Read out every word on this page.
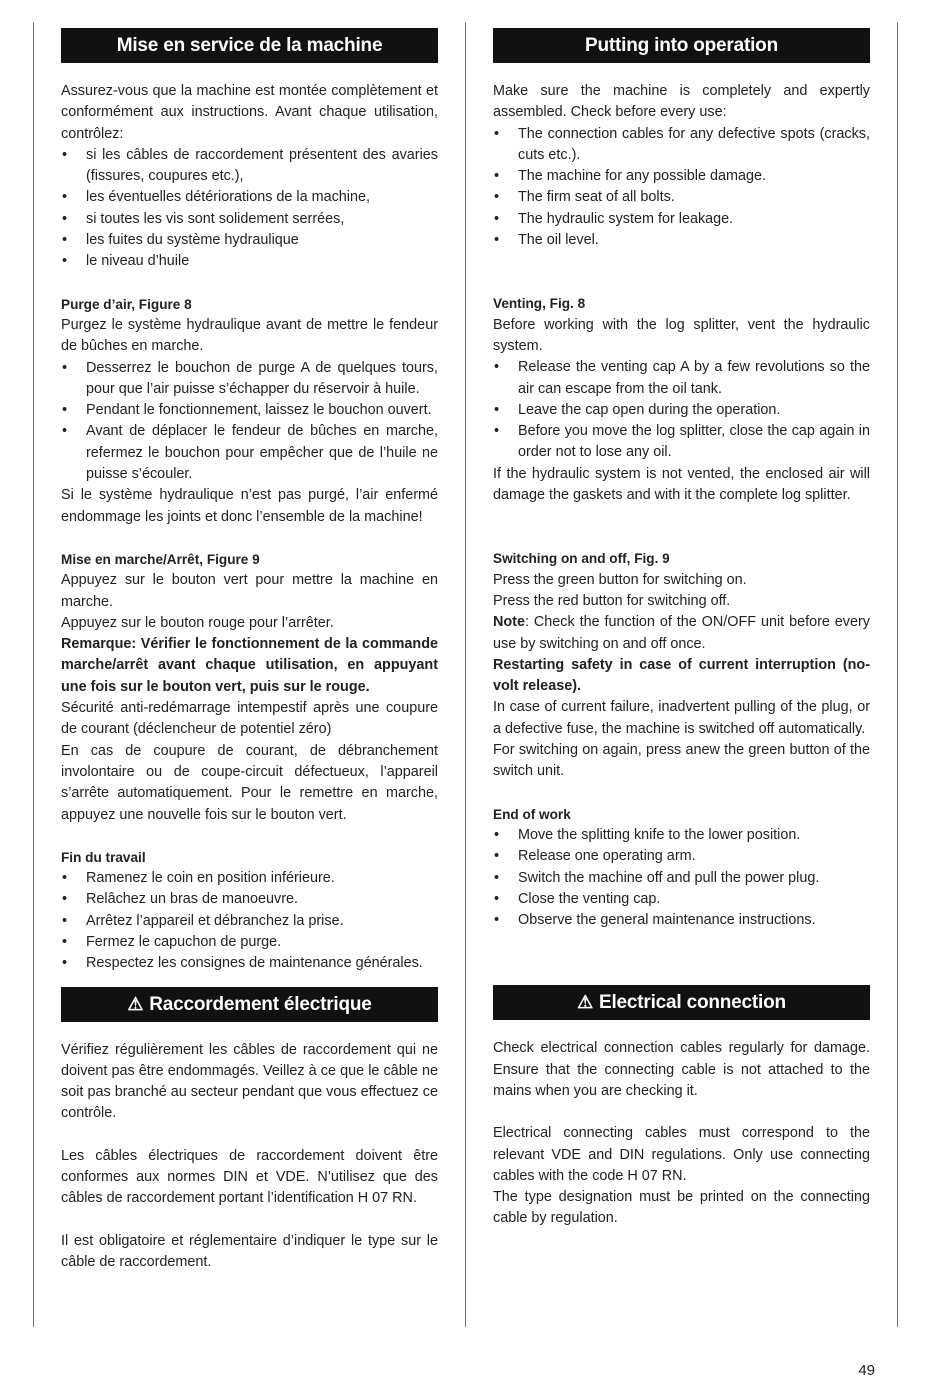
Mise en service de la machine

Assurez-vous que la machine est montée complètement et conformément aux instructions. Avant chaque utilisation, contrôlez:

• si les câbles de raccordement présentent des avaries (fissures, coupures etc.),
• les éventuelles détériorations de la machine,
• si toutes les vis sont solidement serrées,
• les fuites du système hydraulique
• le niveau d’huile

Purge d’air, Figure 8

Purgez le système hydraulique avant de mettre le fendeur de bûches en marche.

• Desserrez le bouchon de purge A de quelques tours, pour que l’air puisse s’échapper du réservoir à huile.
• Pendant le fonctionnement, laissez le bouchon ouvert.
• Avant de déplacer le fendeur de bûches en marche, refermez le bouchon pour empêcher que de l’huile ne puisse s’écouler.

Si le système hydraulique n’est pas purgé, l’air enfermé endommage les joints et donc l’ensemble de la machine!

Mise en marche/Arrêt, Figure 9

Appuyez sur le bouton vert pour mettre la machine en marche.

Appuyez sur le bouton rouge pour l’arrêter.

Remarque: Vérifier le fonctionnement de la commande marche/arrêt avant chaque utilisation, en appuyant une fois sur le bouton vert, puis sur le rouge.

Sécurité anti-redémarrage intempestif après une coupure de courant (déclencheur de potentiel zéro)

En cas de coupure de courant, de débranchement involontaire ou de coupe-circuit défectueux, l’appareil s’arrête automatiquement. Pour le remettre en marche, appuyez une nouvelle fois sur le bouton vert.

Fin du travail

• Ramenez le coin en position inférieure.
• Relâchez un bras de manoeuvre.
• Arrêtez l’appareil et débranchez la prise.
• Fermez le capuchon de purge.
• Respectez les consignes de maintenance générales.
⚠ Raccordement électrique

Vérifiez régulièrement les câbles de raccordement qui ne doivent pas être endommagés. Veillez à ce que le câble ne soit pas branché au secteur pendant que vous effectuez ce contrôle.

Les câbles électriques de raccordement doivent être conformes aux normes DIN et VDE. N’utilisez que des câbles de raccordement portant l’identification H 07 RN.

Il est obligatoire et réglementaire d’indiquer le type sur le câble de raccordement.

Putting into operation

Make sure the machine is completely and expertly assembled. Check before every use:

• The connection cables for any defective spots (cracks, cuts etc.).
• The machine for any possible damage.
• The firm seat of all bolts.
• The hydraulic system for leakage.
• The oil level.

Venting, Fig. 8

Before working with the log splitter, vent the hydraulic system.

• Release the venting cap A by a few revolutions so the air can escape from the oil tank.
• Leave the cap open during the operation.
• Before you move the log splitter, close the cap again in order not to lose any oil.

If the hydraulic system is not vented, the enclosed air will damage the gaskets and with it the complete log splitter.

Switching on and off, Fig. 9

Press the green button for switching on.

Press the red button for switching off.

Note: Check the function of the ON/OFF unit before every use by switching on and off once.

Restarting safety in case of current interruption (no-volt release).

In case of current failure, inadvertent pulling of the plug, or a defective fuse, the machine is switched off automatically.

For switching on again, press anew the green button of the switch unit.

End of work

• Move the splitting knife to the lower position.
• Release one operating arm.
• Switch the machine off and pull the power plug.
• Close the venting cap.
• Observe the general maintenance instructions.
⚠ Electrical connection

Check electrical connection cables regularly for damage. Ensure that the connecting cable is not attached to the mains when you are checking it.

Electrical connecting cables must correspond to the relevant VDE and DIN regulations. Only use connecting cables with the code H 07 RN.

The type designation must be printed on the connecting cable by regulation.

49
